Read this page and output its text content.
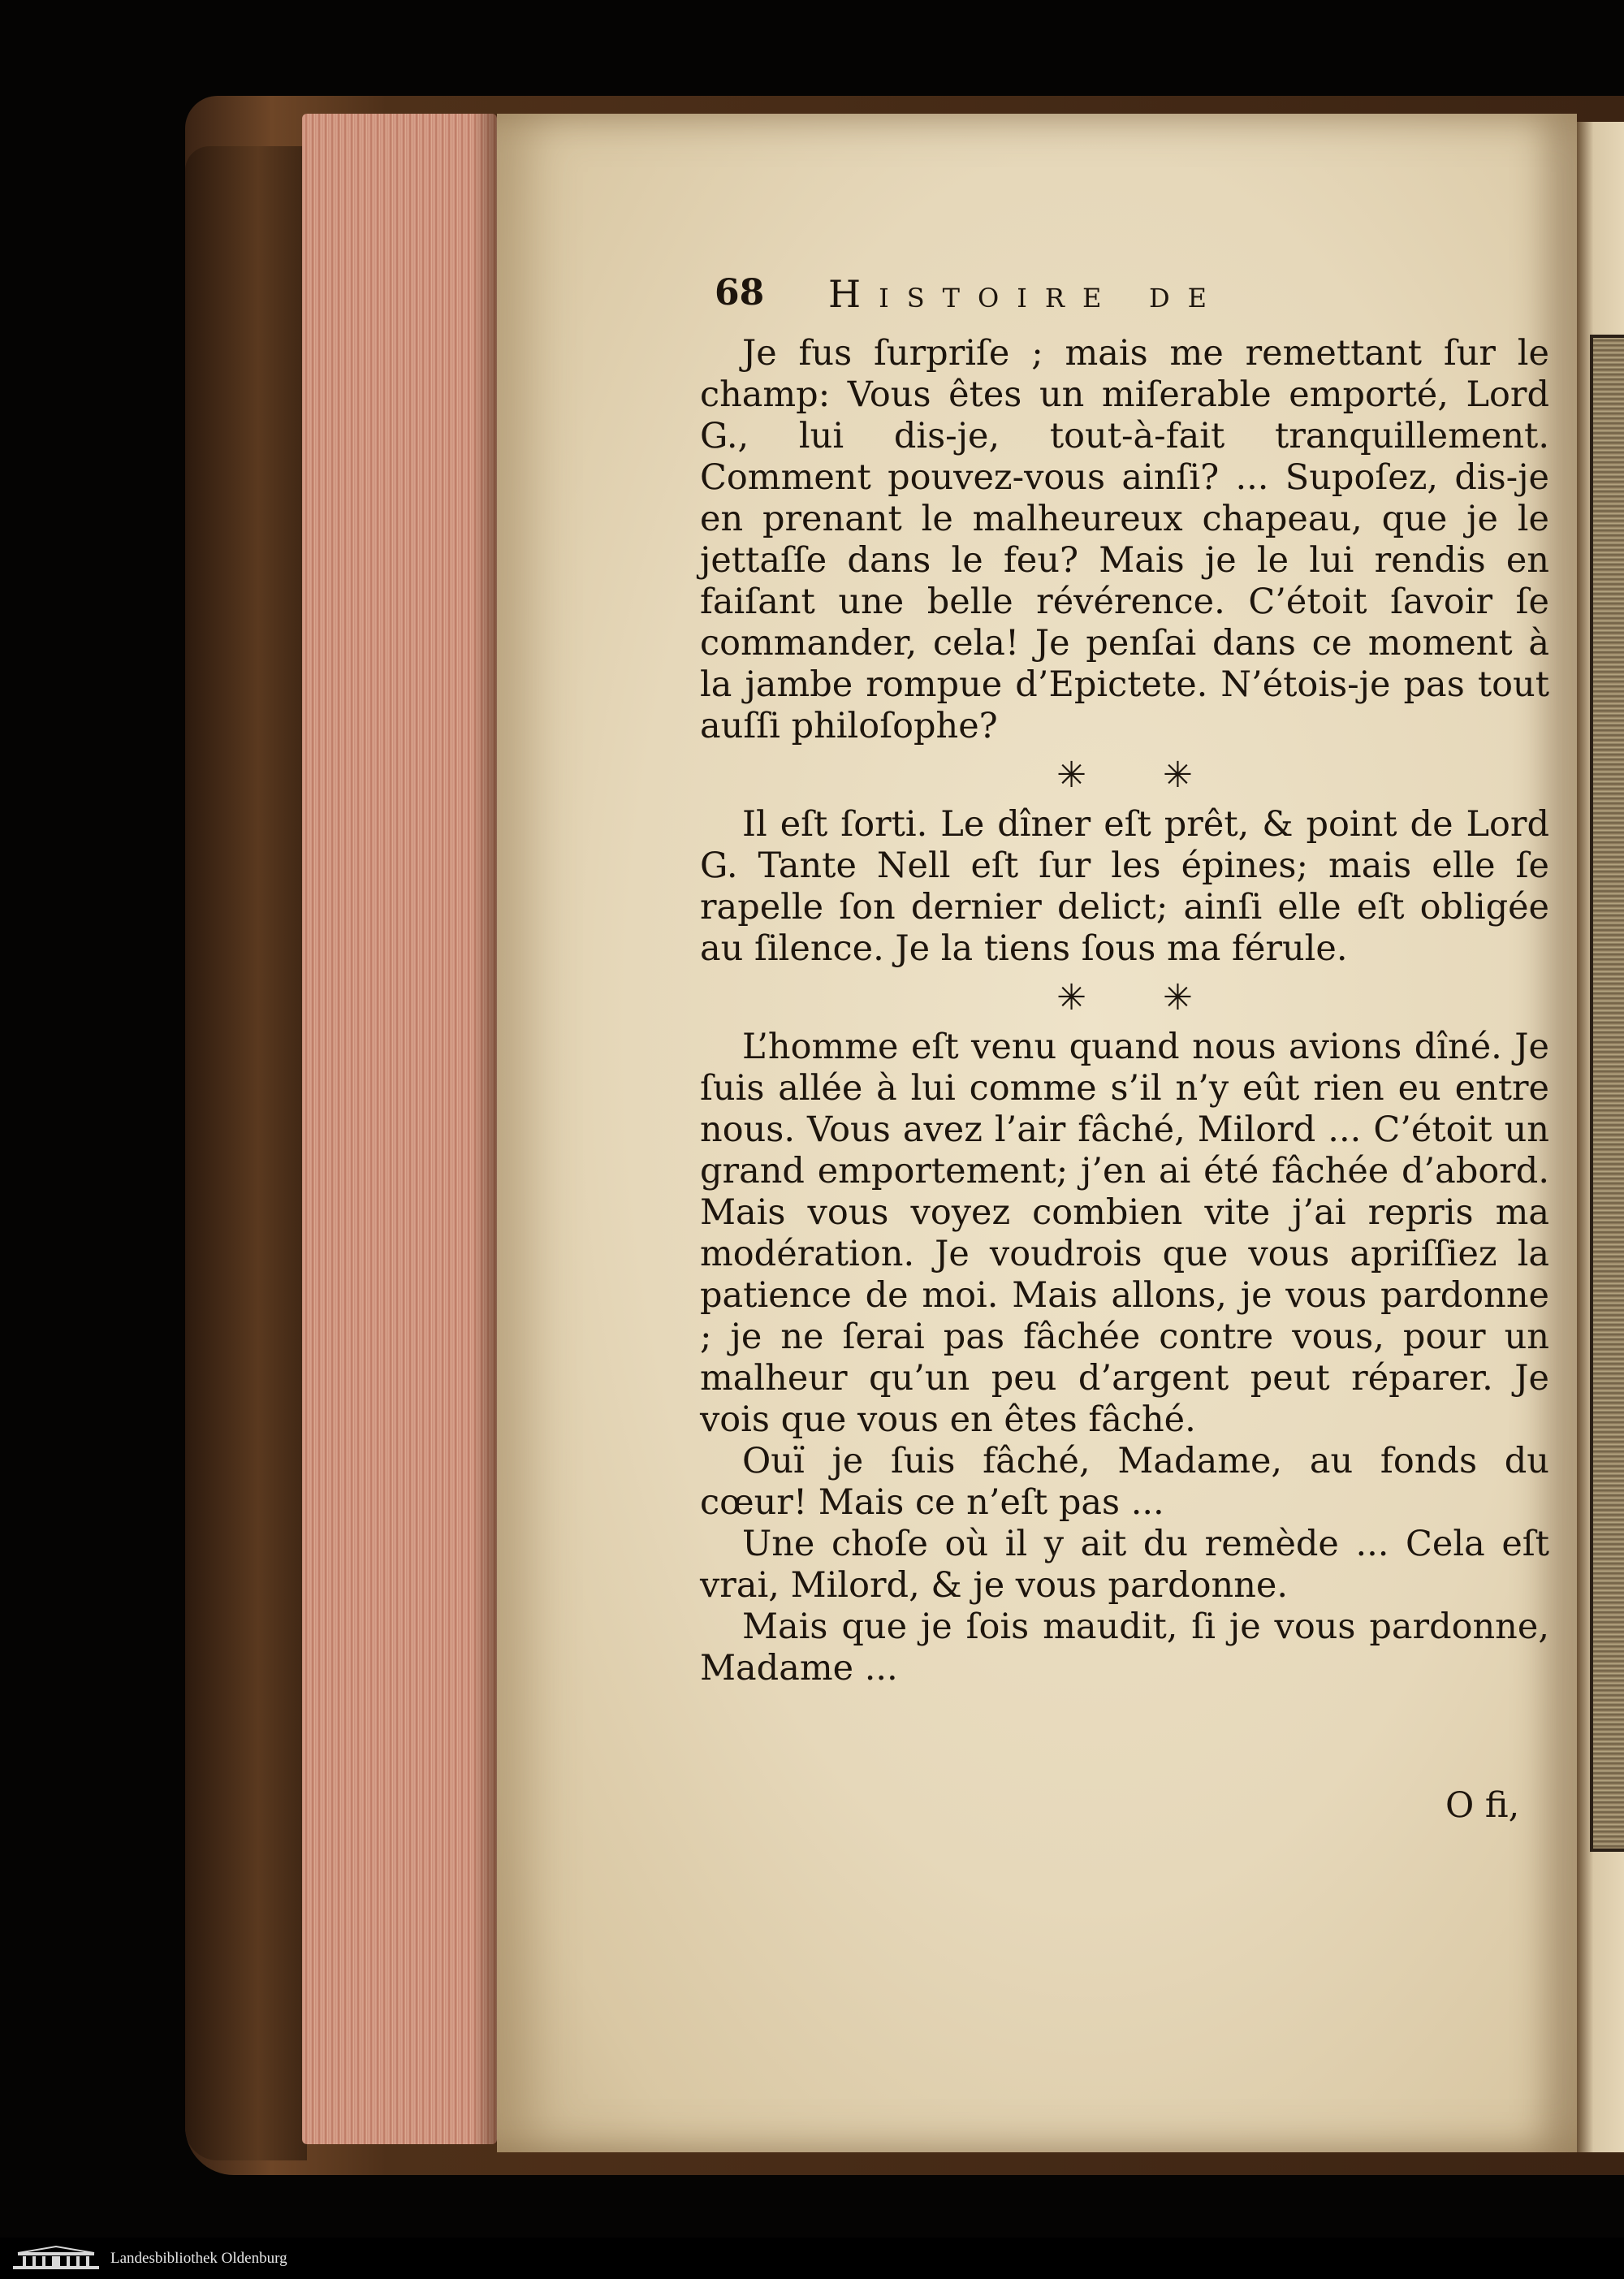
68 Histoire de

Je fus ſurpriſe ; mais me remettant ſur le champ: Vous êtes un miſerable emporté, Lord G., lui dis-je, tout-à-fait tranquillement. Comment pouvez-vous ainſi? ... Supoſez, dis-je en prenant le malheureux chapeau, que je le jettaſſe dans le feu? Mais je le lui rendis en faiſant une belle révérence. C’étoit ſavoir ſe commander, cela! Je penſai dans ce moment à la jambe rompue d’Epictete. N’étois-je pas tout auſſi philoſophe?

✳ ✳

Il eſt ſorti. Le dîner eſt prêt, & point de Lord G. Tante Nell eſt ſur les épines; mais elle ſe rapelle ſon dernier delict; ainſi elle eſt obligée au ſilence. Je la tiens ſous ma férule.

✳ ✳

L’homme eſt venu quand nous avions dîné. Je ſuis allée à lui comme s’il n’y eût rien eu entre nous. Vous avez l’air fâché, Milord ... C’étoit un grand emportement; j’en ai été fâchée d’abord. Mais vous voyez combien vite j’ai repris ma modération. Je voudrois que vous apriſſiez la patience de moi. Mais allons, je vous pardonne ; je ne ſerai pas fâchée contre vous, pour un malheur qu’un peu d’argent peut réparer. Je vois que vous en êtes fâché.

Ouï je ſuis fâché, Madame, au fonds du cœur! Mais ce n’eſt pas ...

Une choſe où il y ait du remède ... Cela eſt vrai, Milord, & je vous pardonne.

Mais que je ſois maudit, ſi je vous pardonne, Madame ...

O fi,
Landesbibliothek Oldenburg
